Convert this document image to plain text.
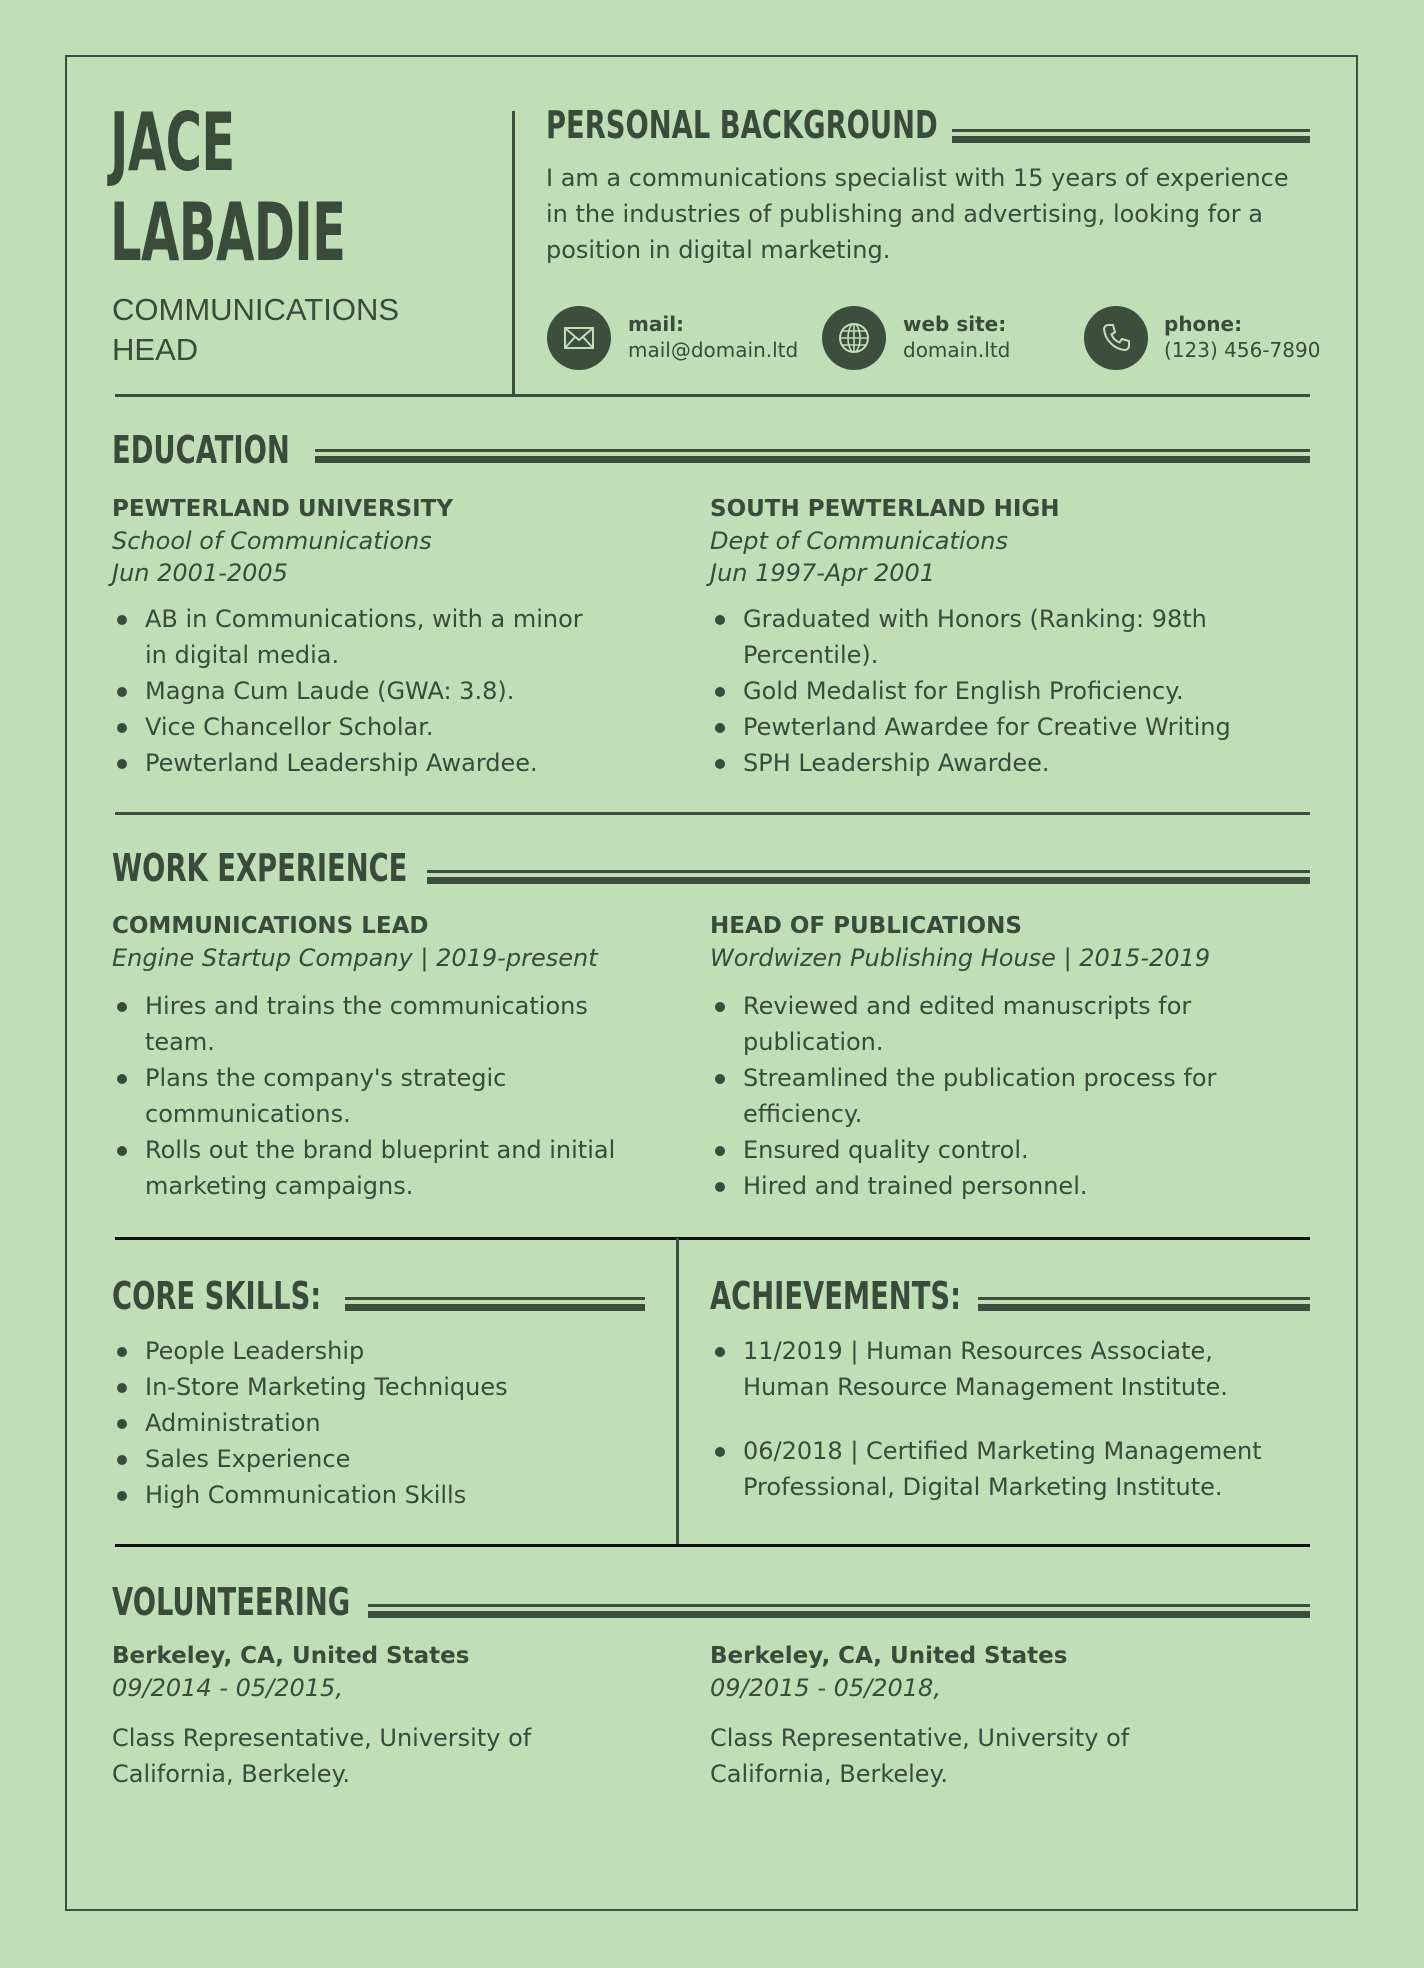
JACE
LABADIE
COMMUNICATIONS
HEAD
PERSONAL BACKGROUND
I am a communications specialist with 15 years of experience in the industries of publishing and advertising, looking for a position in digital marketing.
mail:
mail@domain.ltd
web site:
domain.ltd
phone:
(123) 456-7890
EDUCATION
PEWTERLAND UNIVERSITY
School of Communications
Jun 2001-2005
AB in Communications, with a minor in digital media.
Magna Cum Laude (GWA: 3.8).
Vice Chancellor Scholar.
Pewterland Leadership Awardee.
SOUTH PEWTERLAND HIGH
Dept of Communications
Jun 1997-Apr 2001
Graduated with Honors (Ranking: 98th Percentile).
Gold Medalist for English Proficiency.
Pewterland Awardee for Creative Writing
SPH Leadership Awardee.
WORK EXPERIENCE
COMMUNICATIONS LEAD
Engine Startup Company | 2019-present
Hires and trains the communications team.
Plans the company's strategic communications.
Rolls out the brand blueprint and initial marketing campaigns.
HEAD OF PUBLICATIONS
Wordwizen Publishing House | 2015-2019
Reviewed and edited manuscripts for publication.
Streamlined the publication process for efficiency.
Ensured quality control.
Hired and trained personnel.
CORE SKILLS:
People Leadership
In-Store Marketing Techniques
Administration
Sales Experience
High Communication Skills
ACHIEVEMENTS:
11/2019 | Human Resources Associate, Human Resource Management Institute.
06/2018 | Certified Marketing Management Professional, Digital Marketing Institute.
VOLUNTEERING
Berkeley, CA, United States
09/2014 - 05/2015,
Class Representative, University of California, Berkeley.
Berkeley, CA, United States
09/2015 - 05/2018,
Class Representative, University of California, Berkeley.
